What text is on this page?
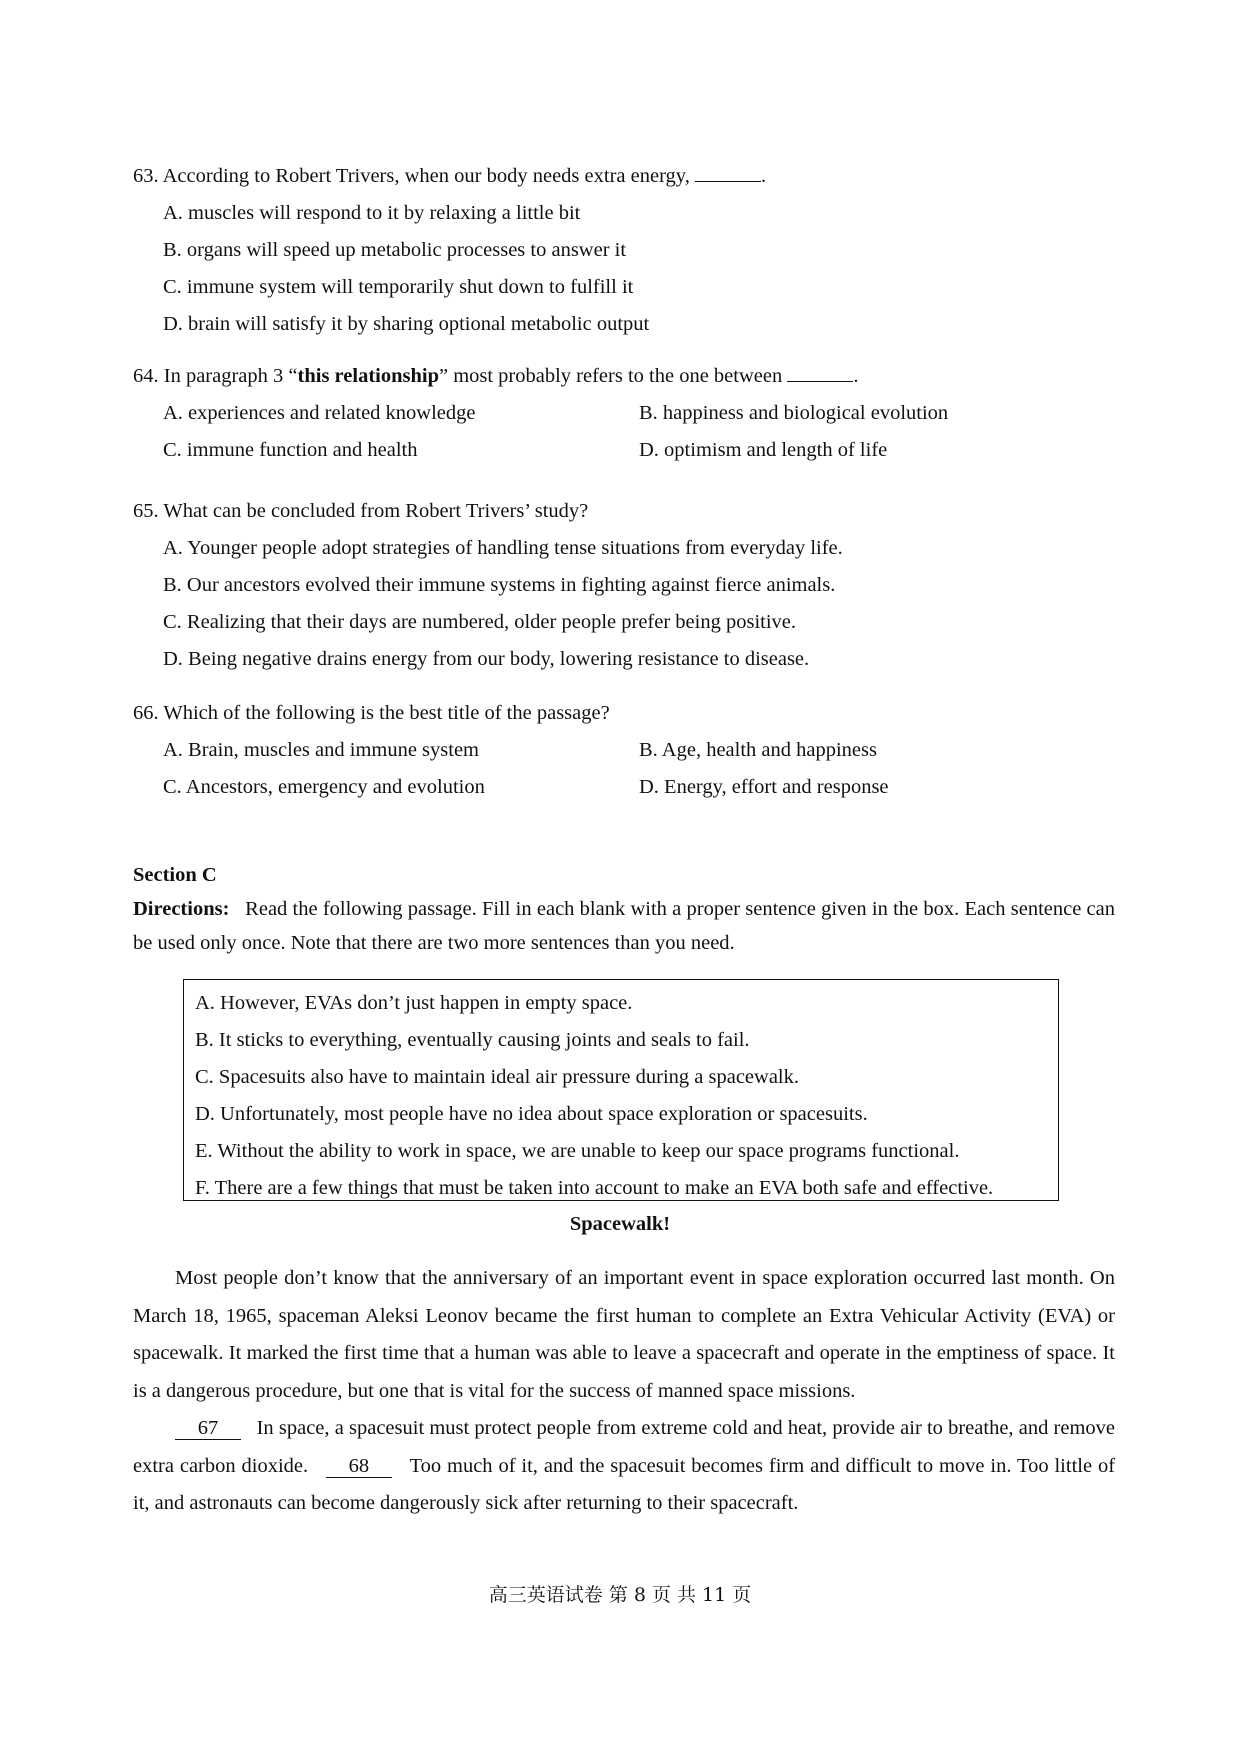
63. According to Robert Trivers, when our body needs extra energy,	.
A. muscles will respond to it by relaxing a little bit
B. organs will speed up metabolic processes to answer it
C. immune system will temporarily shut down to fulfill it
D. brain will satisfy it by sharing optional metabolic output
64. In paragraph 3 “this relationship” most probably refers to the one between	.
A. experiences and related knowledge	B. happiness and biological evolution
C. immune function and health	D. optimism and length of life
65. What can be concluded from Robert Trivers’ study?
A. Younger people adopt strategies of handling tense situations from everyday life.
B. Our ancestors evolved their immune systems in fighting against fierce animals.
C. Realizing that their days are numbered, older people prefer being positive.
D. Being negative drains energy from our body, lowering resistance to disease.
66. Which of the following is the best title of the passage?
A. Brain, muscles and immune system	B. Age, health and happiness
C. Ancestors, emergency and evolution	D. Energy, effort and response
Section C
Directions: Read the following passage. Fill in each blank with a proper sentence given in the box. Each sentence can be used only once. Note that there are two more sentences than you need.
A. However, EVAs don’t just happen in empty space.
B. It sticks to everything, eventually causing joints and seals to fail.
C. Spacesuits also have to maintain ideal air pressure during a spacewalk.
D. Unfortunately, most people have no idea about space exploration or spacesuits.
E. Without the ability to work in space, we are unable to keep our space programs functional.
F. There are a few things that must be taken into account to make an EVA both safe and effective.
Spacewalk!

Most people don’t know that the anniversary of an important event in space exploration occurred last month. On March 18, 1965, spaceman Aleksi Leonov became the first human to complete an Extra Vehicular Activity (EVA) or spacewalk. It marked the first time that a human was able to leave a spacecraft and operate in the emptiness of space. It is a dangerous procedure, but one that is vital for the success of manned space missions.

67 In space, a spacesuit must protect people from extreme cold and heat, provide air to breathe, and remove extra carbon dioxide. 68 Too much of it, and the spacesuit becomes firm and difficult to move in. Too little of it, and astronauts can become dangerously sick after returning to their spacecraft.

高三英语试卷 第 8 页 共 11 页
